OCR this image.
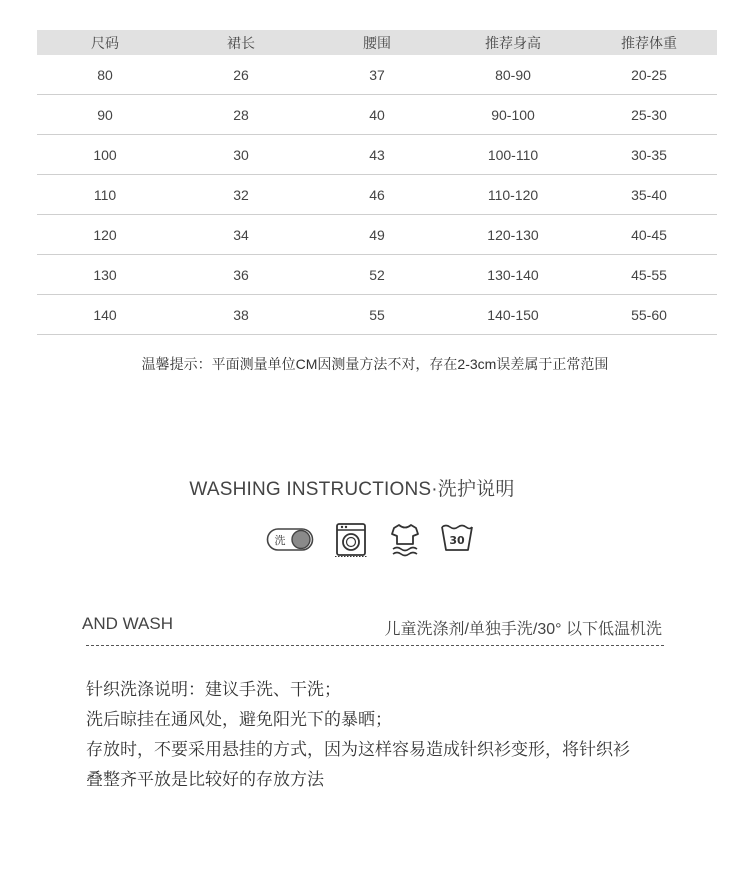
尺码	裙长	腰围	推荐身高	推荐体重
80	26	37	80-90	20-25
90	28	40	90-100	25-30
100	30	43	100-110	30-35
110	32	46	110-120	35-40
120	34	49	120-130	40-45
130	36	52	130-140	45-55
140	38	55	140-150	55-60
温馨提示：平面测量单位CM因测量方法不对，存在2-3cm误差属于正常范围
WASHING INSTRUCTIONS·洗护说明
洗	30
AND WASH	儿童洗涤剂/单独手洗/30° 以下低温机洗
针织洗涤说明：建议手洗、干洗；
洗后晾挂在通风处，避免阳光下的暴晒；
存放时，不要采用悬挂的方式，因为这样容易造成针织衫变形，将针织衫
叠整齐平放是比较好的存放方法
